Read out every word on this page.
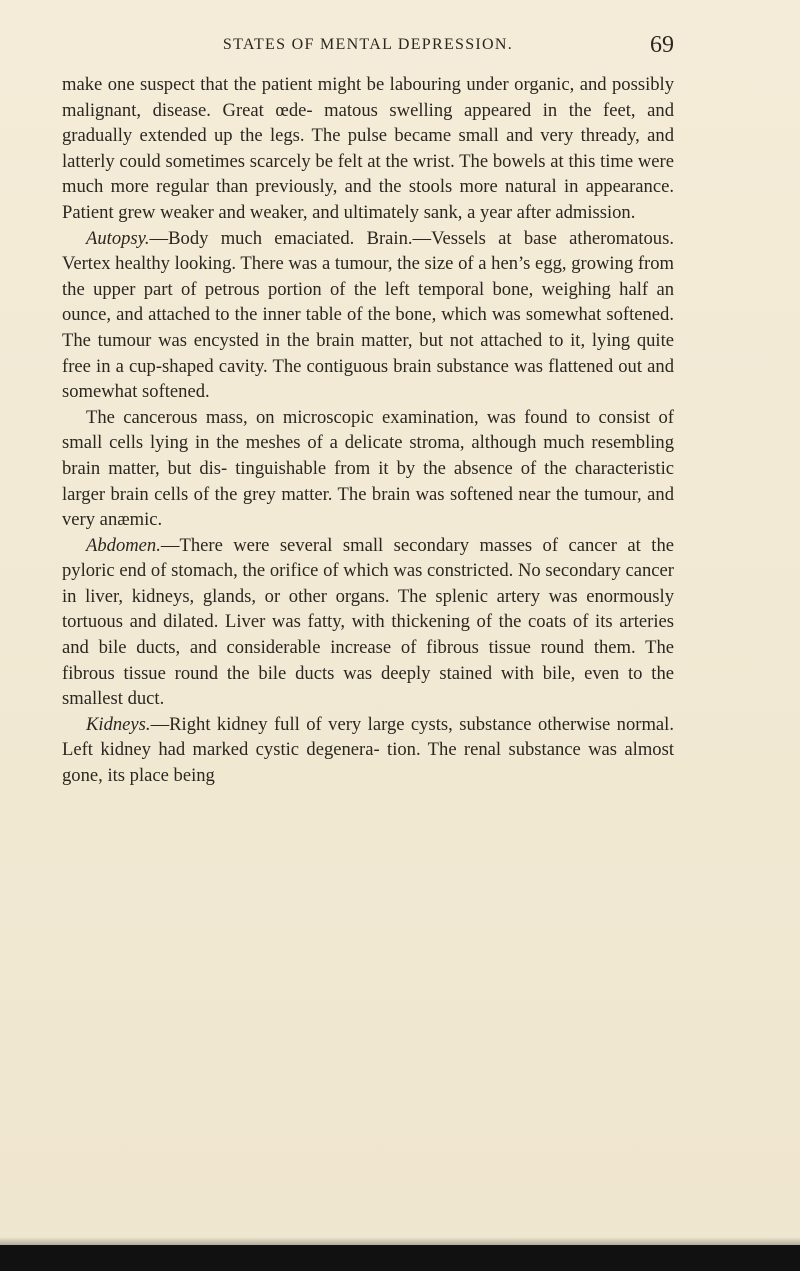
STATES OF MENTAL DEPRESSION.	69

make one suspect that the patient might be labouring under organic, and possibly malignant, disease. Great œde- matous swelling appeared in the feet, and gradually extended up the legs. The pulse became small and very thready, and latterly could sometimes scarcely be felt at the wrist. The bowels at this time were much more regular than previously, and the stools more natural in appearance. Patient grew weaker and weaker, and ultimately sank, a year after admission.

Autopsy.—Body much emaciated. Brain.—Vessels at base atheromatous. Vertex healthy looking. There was a tumour, the size of a hen’s egg, growing from the upper part of petrous portion of the left temporal bone, weighing half an ounce, and attached to the inner table of the bone, which was somewhat softened. The tumour was encysted in the brain matter, but not attached to it, lying quite free in a cup-shaped cavity. The contiguous brain substance was flattened out and somewhat softened.

The cancerous mass, on microscopic examination, was found to consist of small cells lying in the meshes of a delicate stroma, although much resembling brain matter, but dis- tinguishable from it by the absence of the characteristic larger brain cells of the grey matter. The brain was softened near the tumour, and very anæmic.

Abdomen.—There were several small secondary masses of cancer at the pyloric end of stomach, the orifice of which was constricted. No secondary cancer in liver, kidneys, glands, or other organs. The splenic artery was enormously tortuous and dilated. Liver was fatty, with thickening of the coats of its arteries and bile ducts, and considerable increase of fibrous tissue round them. The fibrous tissue round the bile ducts was deeply stained with bile, even to the smallest duct.

Kidneys.—Right kidney full of very large cysts, substance otherwise normal. Left kidney had marked cystic degenera- tion. The renal substance was almost gone, its place being
